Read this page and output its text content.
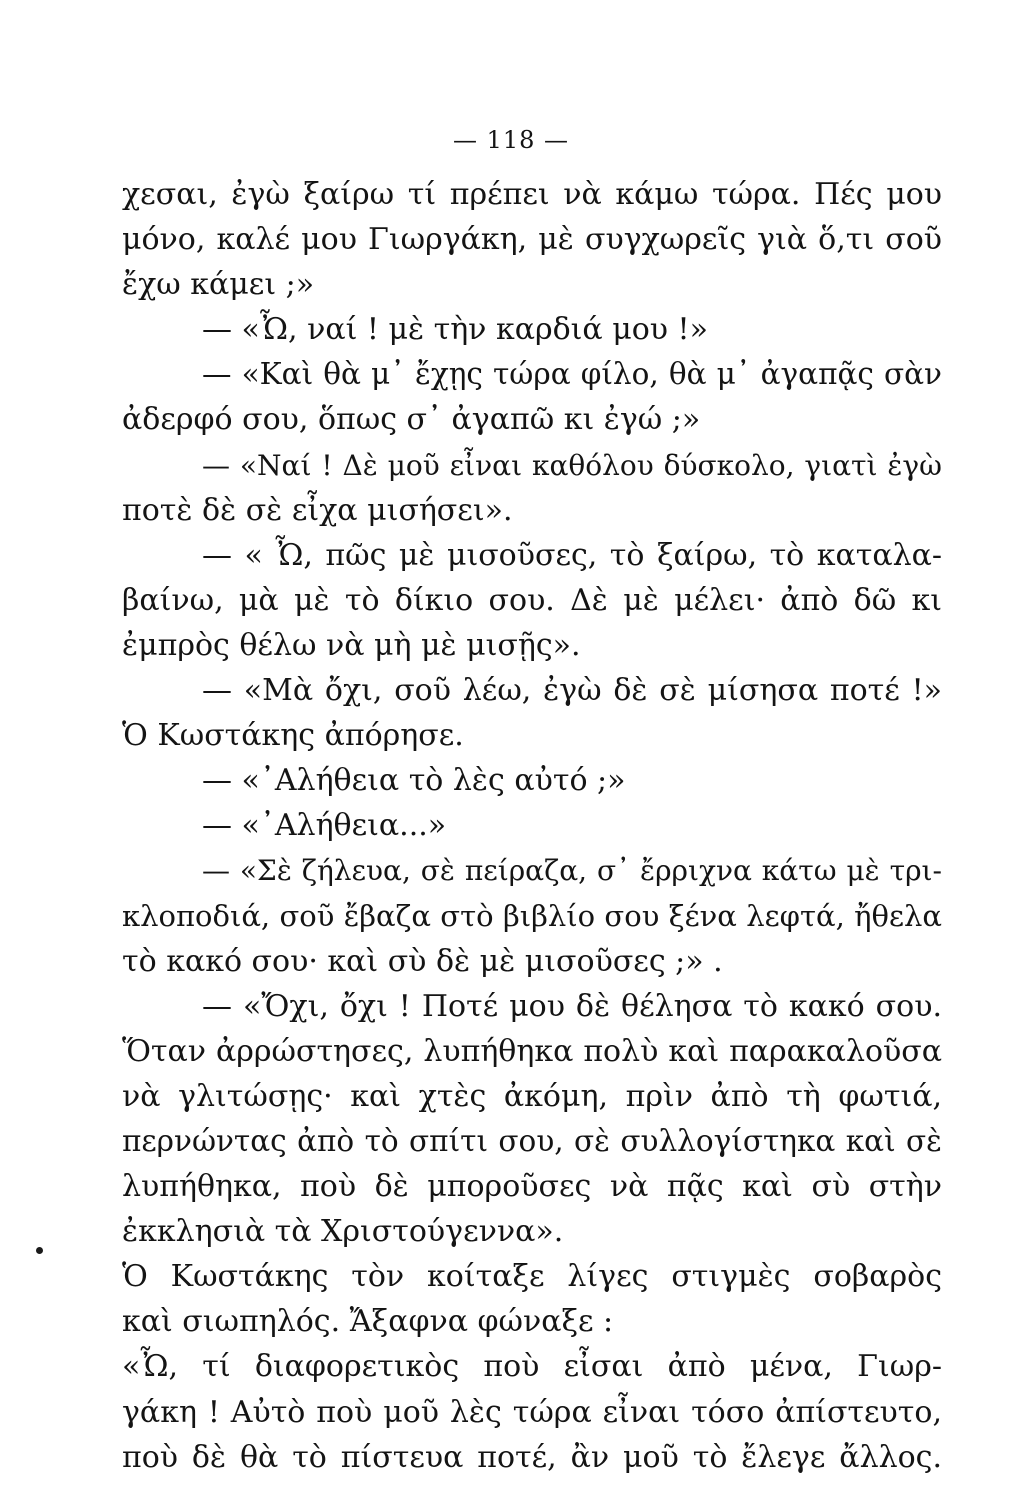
— 118 —
χεσαι, ἐγὼ ξαίρω τί πρέπει νὰ κάμω τώρα. Πές μου
μόνο, καλέ μου Γιωργάκη, μὲ συγχωρεῖς γιὰ ὅ,τι σοῦ
ἔχω κάμει ;»
— «Ὦ, ναί ! μὲ τὴν καρδιά μου !»
— «Καὶ θὰ μ᾿ ἔχῃς τώρα φίλο, θὰ μ᾿ ἀγαπᾷς σὰν
ἀδερφό σου, ὅπως σ᾿ ἀγαπῶ κι ἐγώ ;»
— «Ναί ! Δὲ μοῦ εἶναι καθόλου δύσκολο, γιατὶ ἐγὼ
ποτὲ δὲ σὲ εἶχα μισήσει».
— « Ὦ, πῶς μὲ μισοῦσες, τὸ ξαίρω, τὸ καταλα-
βαίνω, μὰ μὲ τὸ δίκιο σου. Δὲ μὲ μέλει· ἀπὸ δῶ κι
ἐμπρὸς θέλω νὰ μὴ μὲ μισῇς».
— «Μὰ ὄχι, σοῦ λέω, ἐγὼ δὲ σὲ μίσησα ποτέ !»
Ὁ Κωστάκης ἀπόρησε.
— «᾿Αλήθεια τὸ λὲς αὐτό ;»
— «᾿Αλήθεια...»
— «Σὲ ζήλευα, σὲ πείραζα, σ᾿ ἔρριχνα κάτω μὲ τρι-
κλοποδιά, σοῦ ἔβαζα στὸ βιβλίο σου ξένα λεφτά, ἤθελα
τὸ κακό σου· καὶ σὺ δὲ μὲ μισοῦσες ;» .
— «Ὄχι, ὄχι ! Ποτέ μου δὲ θέλησα τὸ κακό σου.
Ὅταν ἀρρώστησες, λυπήθηκα πολὺ καὶ παρακαλοῦσα
νὰ γλιτώσῃς· καὶ χτὲς ἀκόμη, πρὶν ἀπὸ τὴ φωτιά,
περνώντας ἀπὸ τὸ σπίτι σου, σὲ συλλογίστηκα καὶ σὲ
λυπήθηκα, ποὺ δὲ μποροῦσες νὰ πᾷς καὶ σὺ στὴν
ἐκκλησιὰ τὰ Χριστούγεννα».
Ὁ Κωστάκης τὸν κοίταξε λίγες στιγμὲς σοβαρὸς
καὶ σιωπηλός. Ἄξαφνα φώναξε :
«Ὦ, τί διαφορετικὸς ποὺ εἶσαι ἀπὸ μένα, Γιωρ-
γάκη ! Αὐτὸ ποὺ μοῦ λὲς τώρα εἶναι τόσο ἀπίστευτο,
ποὺ δὲ θὰ τὸ πίστευα ποτέ, ἂν μοῦ τὸ ἔλεγε ἄλλος.
